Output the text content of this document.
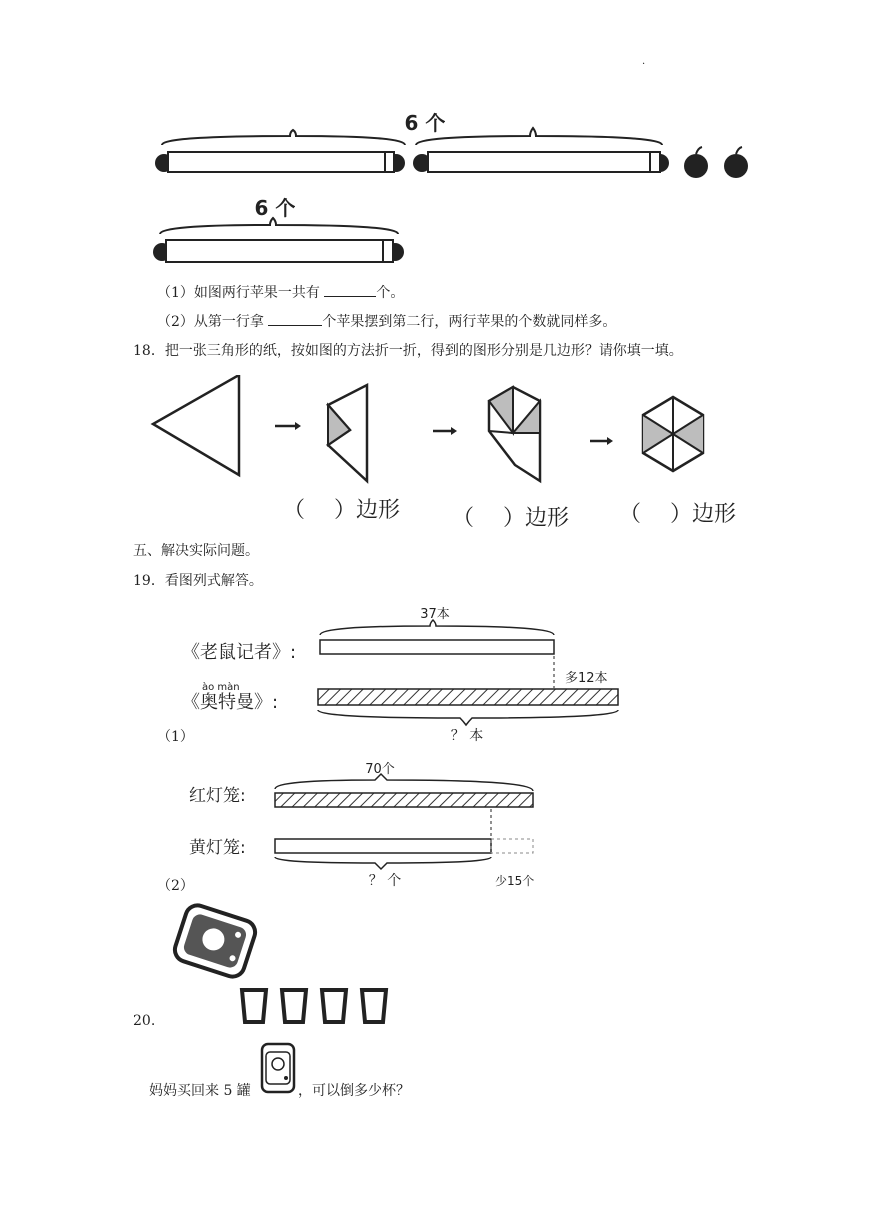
.
6 个
6 个
（1）如图两行苹果一共有	个。
（2）从第一行拿	个苹果摆到第二行，两行苹果的个数就同样多。
18．把一张三角形的纸，按如图的方法折一折，得到的图形分别是几边形？请你填一填。
（　 ）边形 （　 ）边形 （　 ）边形
五、解决实际问题。
19．看图列式解答。
37本
《老鼠记者》:
多12本
ào màn
《奥特曼》:
？ 本
（1）
70个
红灯笼:
黄灯笼:
？ 个	少15个
（2）
20.
妈妈买回来 5 罐	，可以倒多少杯？
